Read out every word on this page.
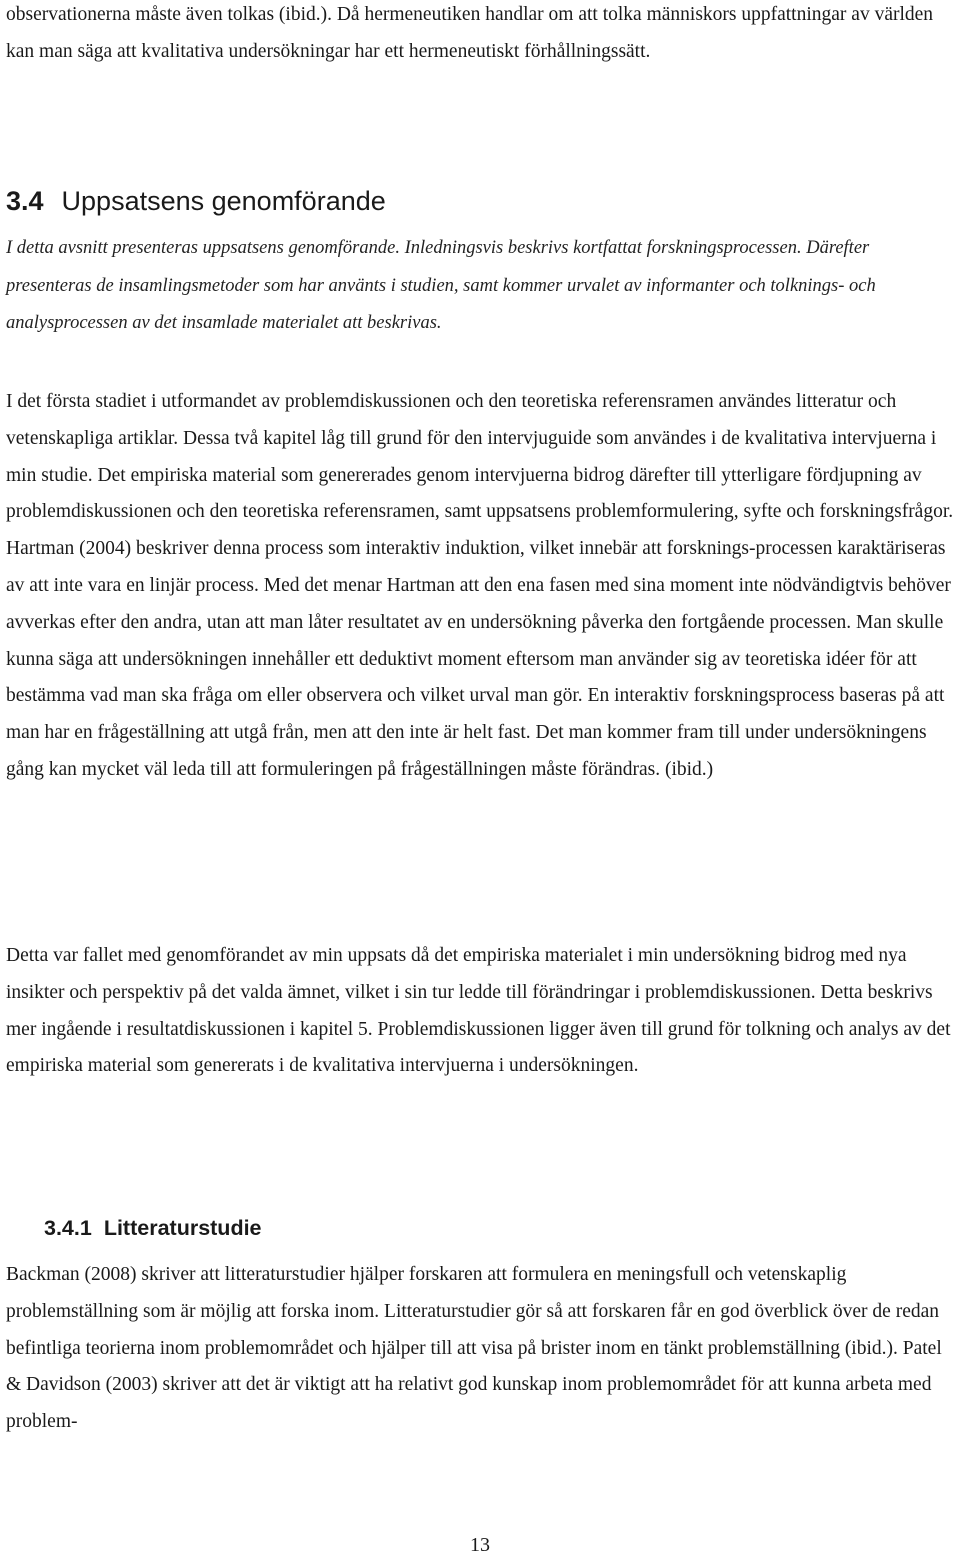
observationerna måste även tolkas (ibid.). Då hermeneutiken handlar om att tolka människors uppfattningar av världen kan man säga att kvalitativa undersökningar har ett hermeneutiskt förhållningssätt.

3.4 Uppsatsens genomförande

I detta avsnitt presenteras uppsatsens genomförande. Inledningsvis beskrivs kortfattat forskningsprocessen. Därefter presenteras de insamlingsmetoder som har använts i studien, samt kommer urvalet av informanter och tolknings- och analysprocessen av det insamlade materialet att beskrivas.

I det första stadiet i utformandet av problemdiskussionen och den teoretiska referensramen användes litteratur och vetenskapliga artiklar. Dessa två kapitel låg till grund för den intervjuguide som användes i de kvalitativa intervjuerna i min studie. Det empiriska material som genererades genom intervjuerna bidrog därefter till ytterligare fördjupning av problemdiskussionen och den teoretiska referensramen, samt uppsatsens problemformulering, syfte och forskningsfrågor. Hartman (2004) beskriver denna process som interaktiv induktion, vilket innebär att forsknings-processen karaktäriseras av att inte vara en linjär process. Med det menar Hartman att den ena fasen med sina moment inte nödvändigtvis behöver avverkas efter den andra, utan att man låter resultatet av en undersökning påverka den fortgående processen. Man skulle kunna säga att undersökningen innehåller ett deduktivt moment eftersom man använder sig av teoretiska idéer för att bestämma vad man ska fråga om eller observera och vilket urval man gör. En interaktiv forskningsprocess baseras på att man har en frågeställning att utgå från, men att den inte är helt fast. Det man kommer fram till under undersökningens gång kan mycket väl leda till att formuleringen på frågeställningen måste förändras. (ibid.)

Detta var fallet med genomförandet av min uppsats då det empiriska materialet i min undersökning bidrog med nya insikter och perspektiv på det valda ämnet, vilket i sin tur ledde till förändringar i problemdiskussionen. Detta beskrivs mer ingående i resultatdiskussionen i kapitel 5. Problemdiskussionen ligger även till grund för tolkning och analys av det empiriska material som genererats i de kvalitativa intervjuerna i undersökningen.

3.4.1 Litteraturstudie

Backman (2008) skriver att litteraturstudier hjälper forskaren att formulera en meningsfull och vetenskaplig problemställning som är möjlig att forska inom. Litteraturstudier gör så att forskaren får en god överblick över de redan befintliga teorierna inom problemområdet och hjälper till att visa på brister inom en tänkt problemställning (ibid.). Patel & Davidson (2003) skriver att det är viktigt att ha relativt god kunskap inom problemområdet för att kunna arbeta med problem-

13
